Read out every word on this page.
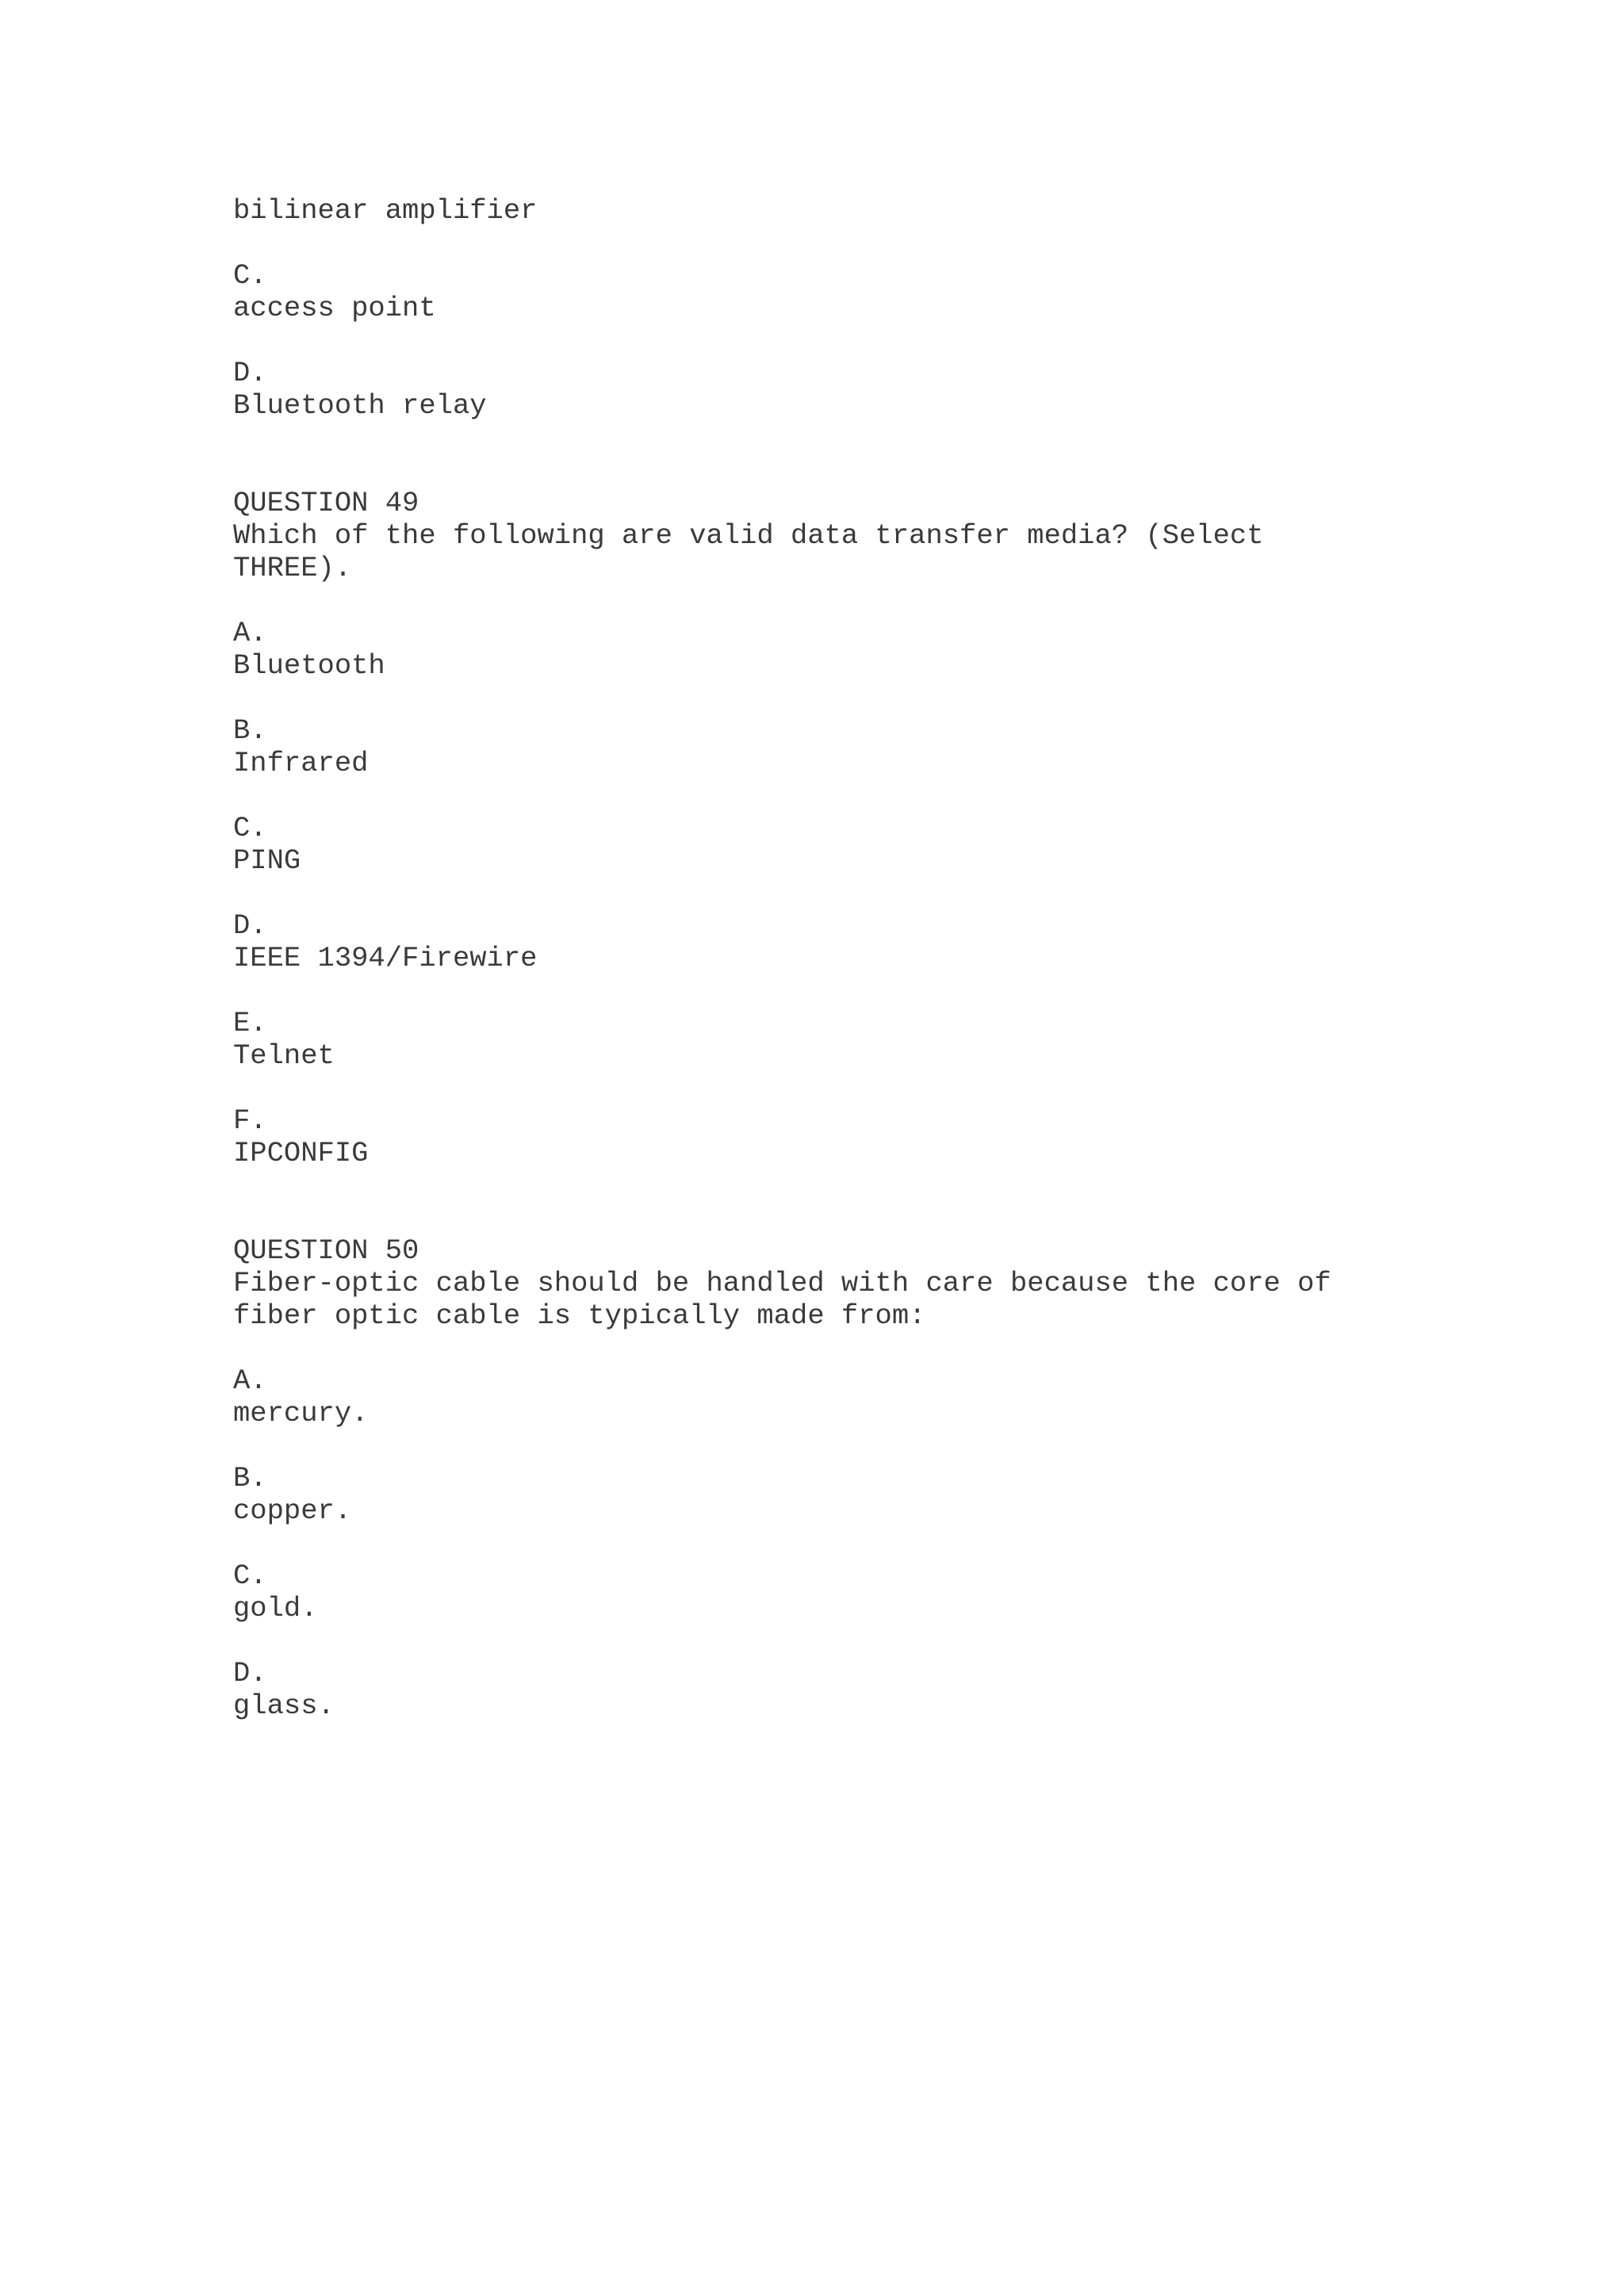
bilinear amplifier
C.
access point
D.
Bluetooth relay
QUESTION 49
Which of the following are valid data transfer media? (Select
THREE).
A.
Bluetooth
B.
Infrared
C.
PING
D.
IEEE 1394/Firewire
E.
Telnet
F.
IPCONFIG
QUESTION 50
Fiber-optic cable should be handled with care because the core of
fiber optic cable is typically made from:
A.
mercury.
B.
copper.
C.
gold.
D.
glass.
